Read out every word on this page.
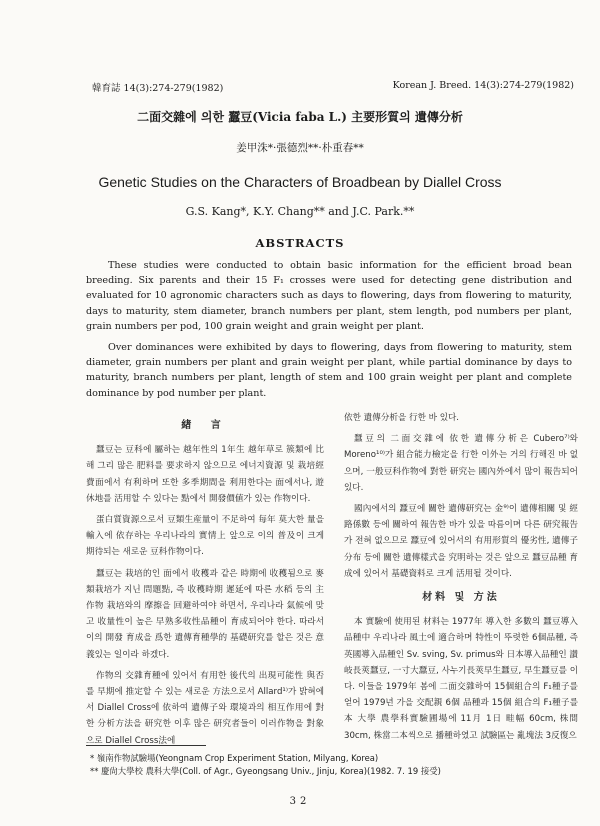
韓育誌 14(3):274-279(1982)	Korean J. Breed. 14(3):274-279(1982)
二面交雜에 의한 蠶豆(Vicia faba L.) 主要形質의 遺傳分析
姜甲洙*·張德烈**·朴重春**
Genetic Studies on the Characters of Broadbean by Diallel Cross
G.S. Kang*, K.Y. Chang** and J.C. Park.**
ABSTRACTS

These studies were conducted to obtain basic information for the efficient broad bean breeding. Six parents and their 15 F₁ crosses were used for detecting gene distribution and evaluated for 10 agronomic characters such as days to flowering, days from flowering to maturity, days to maturity, stem diameter, branch numbers per plant, stem length, pod numbers per plant, grain numbers per pod, 100 grain weight and grain weight per plant.

Over dominances were exhibited by days to flowering, days from flowering to maturity, stem diameter, grain numbers per plant and grain weight per plant, while partial dominance by days to maturity, branch numbers per plant, length of stem and 100 grain weight per plant and complete dominance by pod number per plant.

緖 言

蠶豆는 豆科에 屬하는 越年性의 1年生 越年草로 簇類에 比해 그리 많은 肥料를 要求하지 않으므로 에너지資源 및 栽培經費面에서 有利하며 또한 多季期間을 利用한다는 面에서나, 遊休地를 活用할 수 있다는 點에서 開發價値가 있는 作物이다.

蛋白質資源으로서 豆類生産量이 不足하여 每年 莫大한 量을 輸入에 依存하는 우리나라의 實情上 앞으로 이의 普及이 크게 期待되는 새로운 豆科作物이다.

蠶豆는 栽培的인 面에서 收穫과 같은 時期에 收穫됨으로 麥類栽培가 지닌 問題點, 즉 收穫時期 遲延에 따른 水稻 등의 主作物 栽培와의 摩擦을 回避하여야 하면서, 우리나라 氣候에 맞고 收量性이 높은 早熟多收性品種이 育成되어야 한다. 따라서 이의 開發 育成을 爲한 遺傳育種學的 基礎研究를 할은 것은 意義있는 일이라 하겠다.

作物의 交雜育種에 있어서 有用한 後代의 出現可能性 與否를 早期에 推定할 수 있는 새로운 方法으로서 Allard¹⁾가 밝혀에서 Diallel Cross에 依하여 遺傳子와 環境과의 相互作用에 對한 分析方法을 研究한 이후 많은 研究者들이 이러作物을 對象으로 Diallel Cross法에

依한 遺傳分析을 行한 바 있다.

蠶豆의 二面交雜에 依한 遺傳分析은 Cubero⁷⁾와 Moreno¹⁰⁾가 組合能力檢定을 行한 이外는 거의 行해진 바 없으며, 一般豆科作物에 對한 研究는 國內外에서 많이 報告되어 있다.

國內에서의 蠶豆에 關한 遺傳研究는 金⁹⁾이 遺傳相關 및 經路係數 등에 關하여 報告한 바가 있을 따름이며 다른 研究報告가 전혀 없으므로 蠶豆에 있어서의 有用形質의 優劣性, 遺傳子分布 등에 關한 遺傳樣式을 究明하는 것은 앞으로 蠶豆品種 育成에 있어서 基礎資料로 크게 活用될 것이다.

材料 및 方法

本 實驗에 使用된 材料는 1977年 導入한 多數의 蠶豆導入品種中 우리나라 風土에 適合하며 特性이 뚜렷한 6個品種, 즉 英國導入品種인 Sv. sving, Sv. primus와 日本導入品種인 讃岐長莢蠶豆, 一寸大蠶豆, 사누기長莢早生蠶豆, 早生蠶豆를 이다. 이들을 1979年 봄에 二面交雜하여 15個組合의 F₁種子를 얻어 1979년 가을 交配親 6個 品種과 15個 組合의 F₁種子를 本 大學 農學科實驗圃場에 11月 1日 畦幅 60cm, 株間 30cm, 株當二本씩으로 播種하였고 試驗區는 亂塊法 3反復으

* 嶺南作物試驗場(Yeongnam Crop Experiment Station, Milyang, Korea)
** 慶尙大學校 農科大學(Coll. of Agr., Gyeongsang Univ., Jinju, Korea)(1982. 7. 19 接受)
32
